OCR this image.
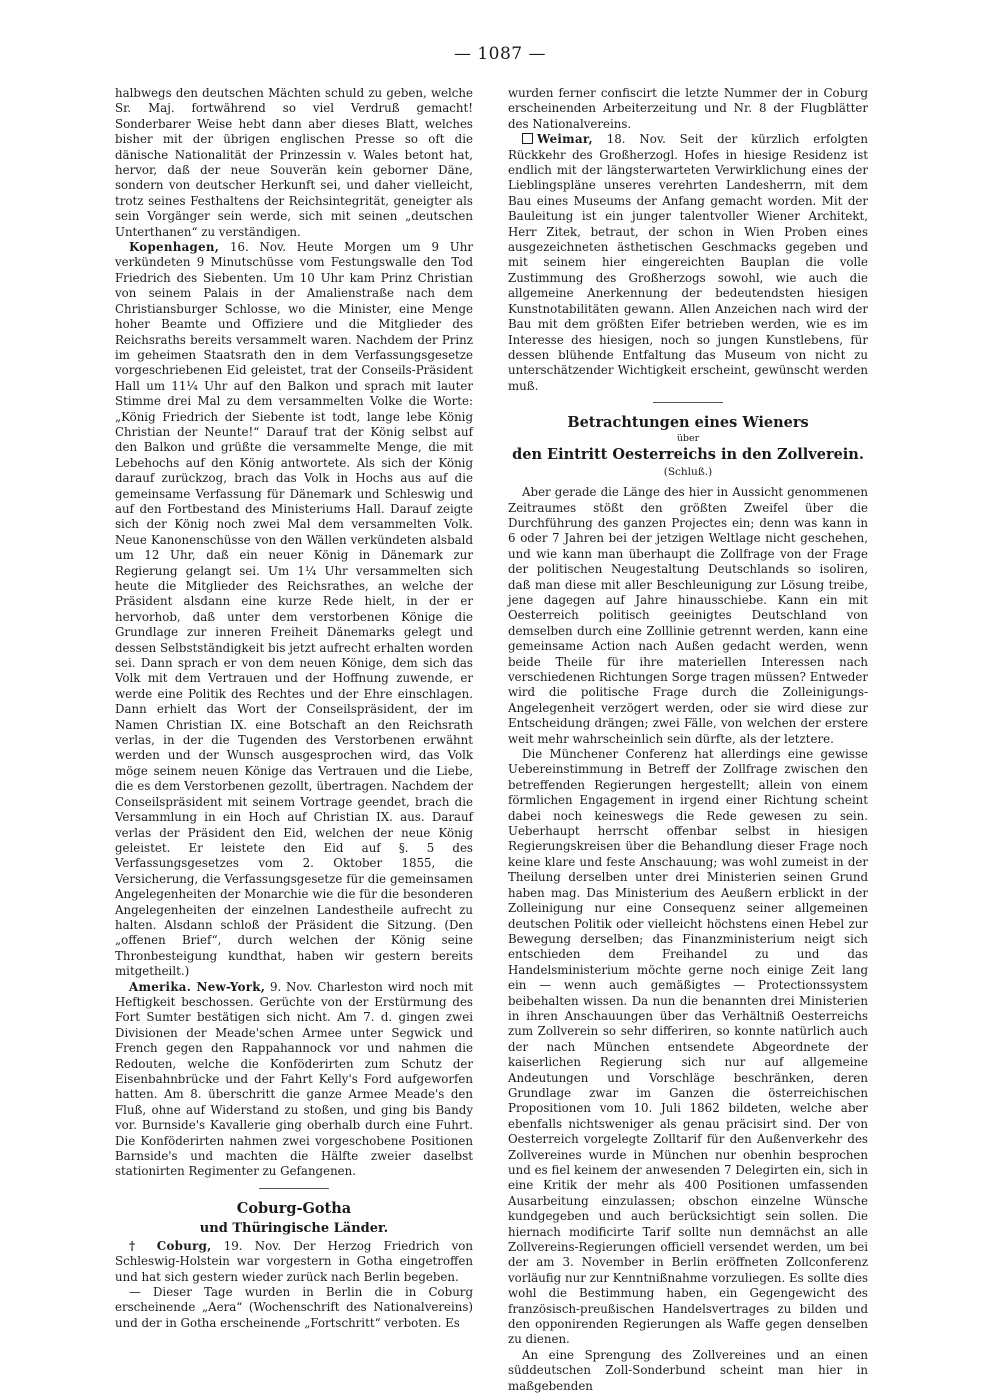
— 1087 —

halbwegs den deutschen Mächten schuld zu geben, welche Sr. Maj. fortwährend so viel Verdruß gemacht! Sonderbarer Weise hebt dann aber dieses Blatt, welches bisher mit der übrigen englischen Presse so oft die dänische Nationalität der Prinzessin v. Wales betont hat, hervor, daß der neue Souverän kein geborner Däne, sondern von deutscher Herkunft sei, und daher vielleicht, trotz seines Festhaltens der Reichsintegrität, geneigter als sein Vorgänger sein werde, sich mit seinen „deutschen Unterthanen“ zu verständigen.

Kopenhagen, 16. Nov. Heute Morgen um 9 Uhr verkündeten 9 Minutschüsse vom Festungswalle den Tod Friedrich des Siebenten. Um 10 Uhr kam Prinz Christian von seinem Palais in der Amalienstraße nach dem Christiansburger Schlosse, wo die Minister, eine Menge hoher Beamte und Offiziere und die Mitglieder des Reichsraths bereits versammelt waren. Nachdem der Prinz im geheimen Staatsrath den in dem Verfassungsgesetze vorgeschriebenen Eid geleistet, trat der Conseils-Präsident Hall um 11¼ Uhr auf den Balkon und sprach mit lauter Stimme drei Mal zu dem versammelten Volke die Worte: „König Friedrich der Siebente ist todt, lange lebe König Christian der Neunte!“ Darauf trat der König selbst auf den Balkon und grüßte die versammelte Menge, die mit Lebehochs auf den König antwortete. Als sich der König darauf zurückzog, brach das Volk in Hochs aus auf die gemeinsame Verfassung für Dänemark und Schleswig und auf den Fortbestand des Ministeriums Hall. Darauf zeigte sich der König noch zwei Mal dem versammelten Volk. Neue Kanonenschüsse von den Wällen verkündeten alsbald um 12 Uhr, daß ein neuer König in Dänemark zur Regierung gelangt sei. Um 1¼ Uhr versammelten sich heute die Mitglieder des Reichsrathes, an welche der Präsident alsdann eine kurze Rede hielt, in der er hervorhob, daß unter dem verstorbenen Könige die Grundlage zur inneren Freiheit Dänemarks gelegt und dessen Selbstständigkeit bis jetzt aufrecht erhalten worden sei. Dann sprach er von dem neuen Könige, dem sich das Volk mit dem Vertrauen und der Hoffnung zuwende, er werde eine Politik des Rechtes und der Ehre einschlagen. Dann erhielt das Wort der Conseilspräsident, der im Namen Christian IX. eine Botschaft an den Reichsrath verlas, in der die Tugenden des Verstorbenen erwähnt werden und der Wunsch ausgesprochen wird, das Volk möge seinem neuen Könige das Vertrauen und die Liebe, die es dem Verstorbenen gezollt, übertragen. Nachdem der Conseilspräsident mit seinem Vortrage geendet, brach die Versammlung in ein Hoch auf Christian IX. aus. Darauf verlas der Präsident den Eid, welchen der neue König geleistet. Er leistete den Eid auf §. 5 des Verfassungsgesetzes vom 2. Oktober 1855, die Versicherung, die Verfassungsgesetze für die gemeinsamen Angelegenheiten der Monarchie wie die für die besonderen Angelegenheiten der einzelnen Landestheile aufrecht zu halten. Alsdann schloß der Präsident die Sitzung. (Den „offenen Brief“, durch welchen der König seine Thronbesteigung kundthat, haben wir gestern bereits mitgetheilt.)

Amerika. New-York, 9. Nov. Charleston wird noch mit Heftigkeit beschossen. Gerüchte von der Erstürmung des Fort Sumter bestätigen sich nicht. Am 7. d. gingen zwei Divisionen der Meade'schen Armee unter Segwick und French gegen den Rappahannock vor und nahmen die Redouten, welche die Konföderirten zum Schutz der Eisenbahnbrücke und der Fahrt Kelly's Ford aufgeworfen hatten. Am 8. überschritt die ganze Armee Meade's den Fluß, ohne auf Widerstand zu stoßen, und ging bis Bandy vor. Burnside's Kavallerie ging oberhalb durch eine Fuhrt. Die Konföderirten nahmen zwei vorgeschobene Positionen Barnside's und machten die Hälfte zweier daselbst stationirten Regimenter zu Gefangenen.

Coburg-Gotha
und Thüringische Länder.

† Coburg, 19. Nov. Der Herzog Friedrich von Schleswig-Holstein war vorgestern in Gotha eingetroffen und hat sich gestern wieder zurück nach Berlin begeben.

— Dieser Tage wurden in Berlin die in Coburg erscheinende „Aera“ (Wochenschrift des Nationalvereins) und der in Gotha erscheinende „Fortschritt“ verboten. Es

wurden ferner confiscirt die letzte Nummer der in Coburg erscheinenden Arbeiterzeitung und Nr. 8 der Flugblätter des Nationalvereins.

Weimar, 18. Nov. Seit der kürzlich erfolgten Rückkehr des Großherzogl. Hofes in hiesige Residenz ist endlich mit der längsterwarteten Verwirklichung eines der Lieblingspläne unseres verehrten Landesherrn, mit dem Bau eines Museums der Anfang gemacht worden. Mit der Bauleitung ist ein junger talentvoller Wiener Architekt, Herr Zitek, betraut, der schon in Wien Proben eines ausgezeichneten ästhetischen Geschmacks gegeben und mit seinem hier eingereichten Bauplan die volle Zustimmung des Großherzogs sowohl, wie auch die allgemeine Anerkennung der bedeutendsten hiesigen Kunstnotabilitäten gewann. Allen Anzeichen nach wird der Bau mit dem größten Eifer betrieben werden, wie es im Interesse des hiesigen, noch so jungen Kunstlebens, für dessen blühende Entfaltung das Museum von nicht zu unterschätzender Wichtigkeit erscheint, gewünscht werden muß.

Betrachtungen eines Wieners
über
den Eintritt Oesterreichs in den Zollverein.
(Schluß.)

Aber gerade die Länge des hier in Aussicht genommenen Zeitraumes stößt den größten Zweifel über die Durchführung des ganzen Projectes ein; denn was kann in 6 oder 7 Jahren bei der jetzigen Weltlage nicht geschehen, und wie kann man überhaupt die Zollfrage von der Frage der politischen Neugestaltung Deutschlands so isoliren, daß man diese mit aller Beschleunigung zur Lösung treibe, jene dagegen auf Jahre hinausschiebe. Kann ein mit Oesterreich politisch geeinigtes Deutschland von demselben durch eine Zolllinie getrennt werden, kann eine gemeinsame Action nach Außen gedacht werden, wenn beide Theile für ihre materiellen Interessen nach verschiedenen Richtungen Sorge tragen müssen? Entweder wird die politische Frage durch die Zolleinigungs-Angelegenheit verzögert werden, oder sie wird diese zur Entscheidung drängen; zwei Fälle, von welchen der erstere weit mehr wahrscheinlich sein dürfte, als der letztere.

Die Münchener Conferenz hat allerdings eine gewisse Uebereinstimmung in Betreff der Zollfrage zwischen den betreffenden Regierungen hergestellt; allein von einem förmlichen Engagement in irgend einer Richtung scheint dabei noch keineswegs die Rede gewesen zu sein. Ueberhaupt herrscht offenbar selbst in hiesigen Regierungskreisen über die Behandlung dieser Frage noch keine klare und feste Anschauung; was wohl zumeist in der Theilung derselben unter drei Ministerien seinen Grund haben mag. Das Ministerium des Aeußern erblickt in der Zolleinigung nur eine Consequenz seiner allgemeinen deutschen Politik oder vielleicht höchstens einen Hebel zur Bewegung derselben; das Finanzministerium neigt sich entschieden dem Freihandel zu und das Handelsministerium möchte gerne noch einige Zeit lang ein — wenn auch gemäßigtes — Protectionssystem beibehalten wissen. Da nun die benannten drei Ministerien in ihren Anschauungen über das Verhältniß Oesterreichs zum Zollverein so sehr differiren, so konnte natürlich auch der nach München entsendete Abgeordnete der kaiserlichen Regierung sich nur auf allgemeine Andeutungen und Vorschläge beschränken, deren Grundlage zwar im Ganzen die österreichischen Propositionen vom 10. Juli 1862 bildeten, welche aber ebenfalls nichtsweniger als genau präcisirt sind. Der von Oesterreich vorgelegte Zolltarif für den Außenverkehr des Zollvereines wurde in München nur obenhin besprochen und es fiel keinem der anwesenden 7 Delegirten ein, sich in eine Kritik der mehr als 400 Positionen umfassenden Ausarbeitung einzulassen; obschon einzelne Wünsche kundgegeben und auch berücksichtigt sein sollen. Die hiernach modificirte Tarif sollte nun demnächst an alle Zollvereins-Regierungen officiell versendet werden, um bei der am 3. November in Berlin eröffneten Zollconferenz vorläufig nur zur Kenntnißnahme vorzuliegen. Es sollte dies wohl die Bestimmung haben, ein Gegengewicht des französisch-preußischen Handelsvertrages zu bilden und den opponirenden Regierungen als Waffe gegen denselben zu dienen.

An eine Sprengung des Zollvereines und an einen süddeutschen Zoll-Sonderbund scheint man hier in maßgebenden
